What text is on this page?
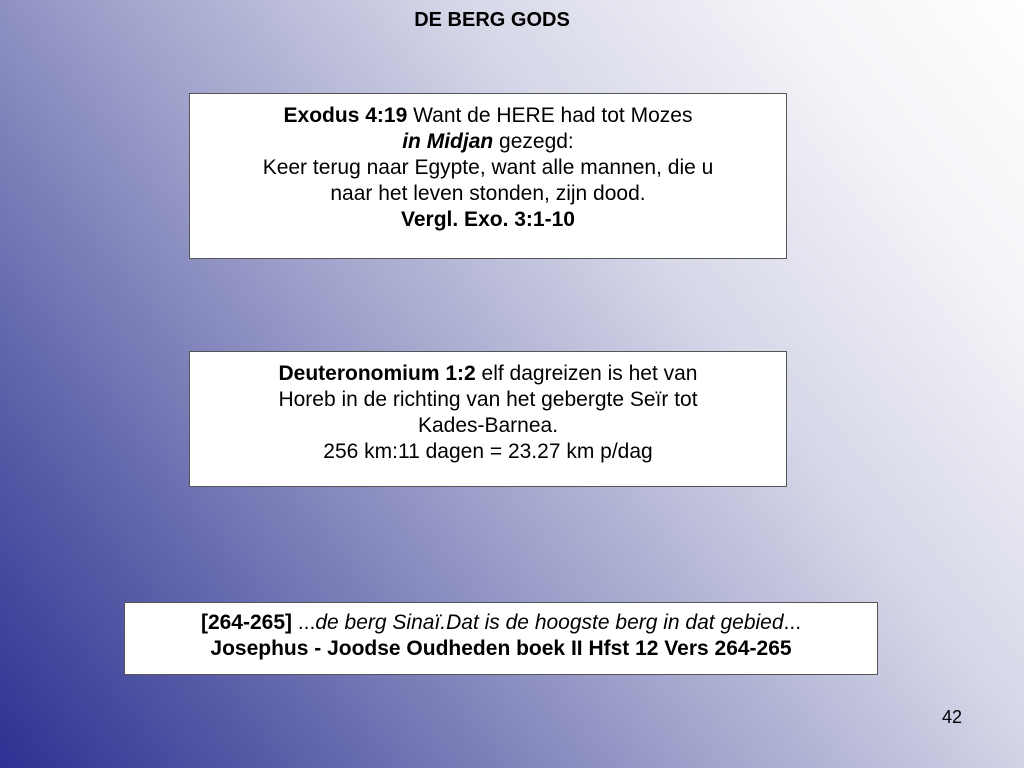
DE BERG GODS
Exodus 4:19 Want de HERE had tot Mozes
in Midjan gezegd:
Keer terug naar Egypte, want alle mannen, die u
naar het leven stonden, zijn dood.
Vergl. Exo. 3:1-10
Deuteronomium 1:2 elf dagreizen is het van
Horeb in de richting van het gebergte Seïr tot
Kades-Barnea.
256 km:11 dagen = 23.27 km p/dag
[264-265] ...de berg Sinaï.Dat is de hoogste berg in dat gebied...
Josephus - Joodse Oudheden boek II Hfst 12 Vers 264-265
42
